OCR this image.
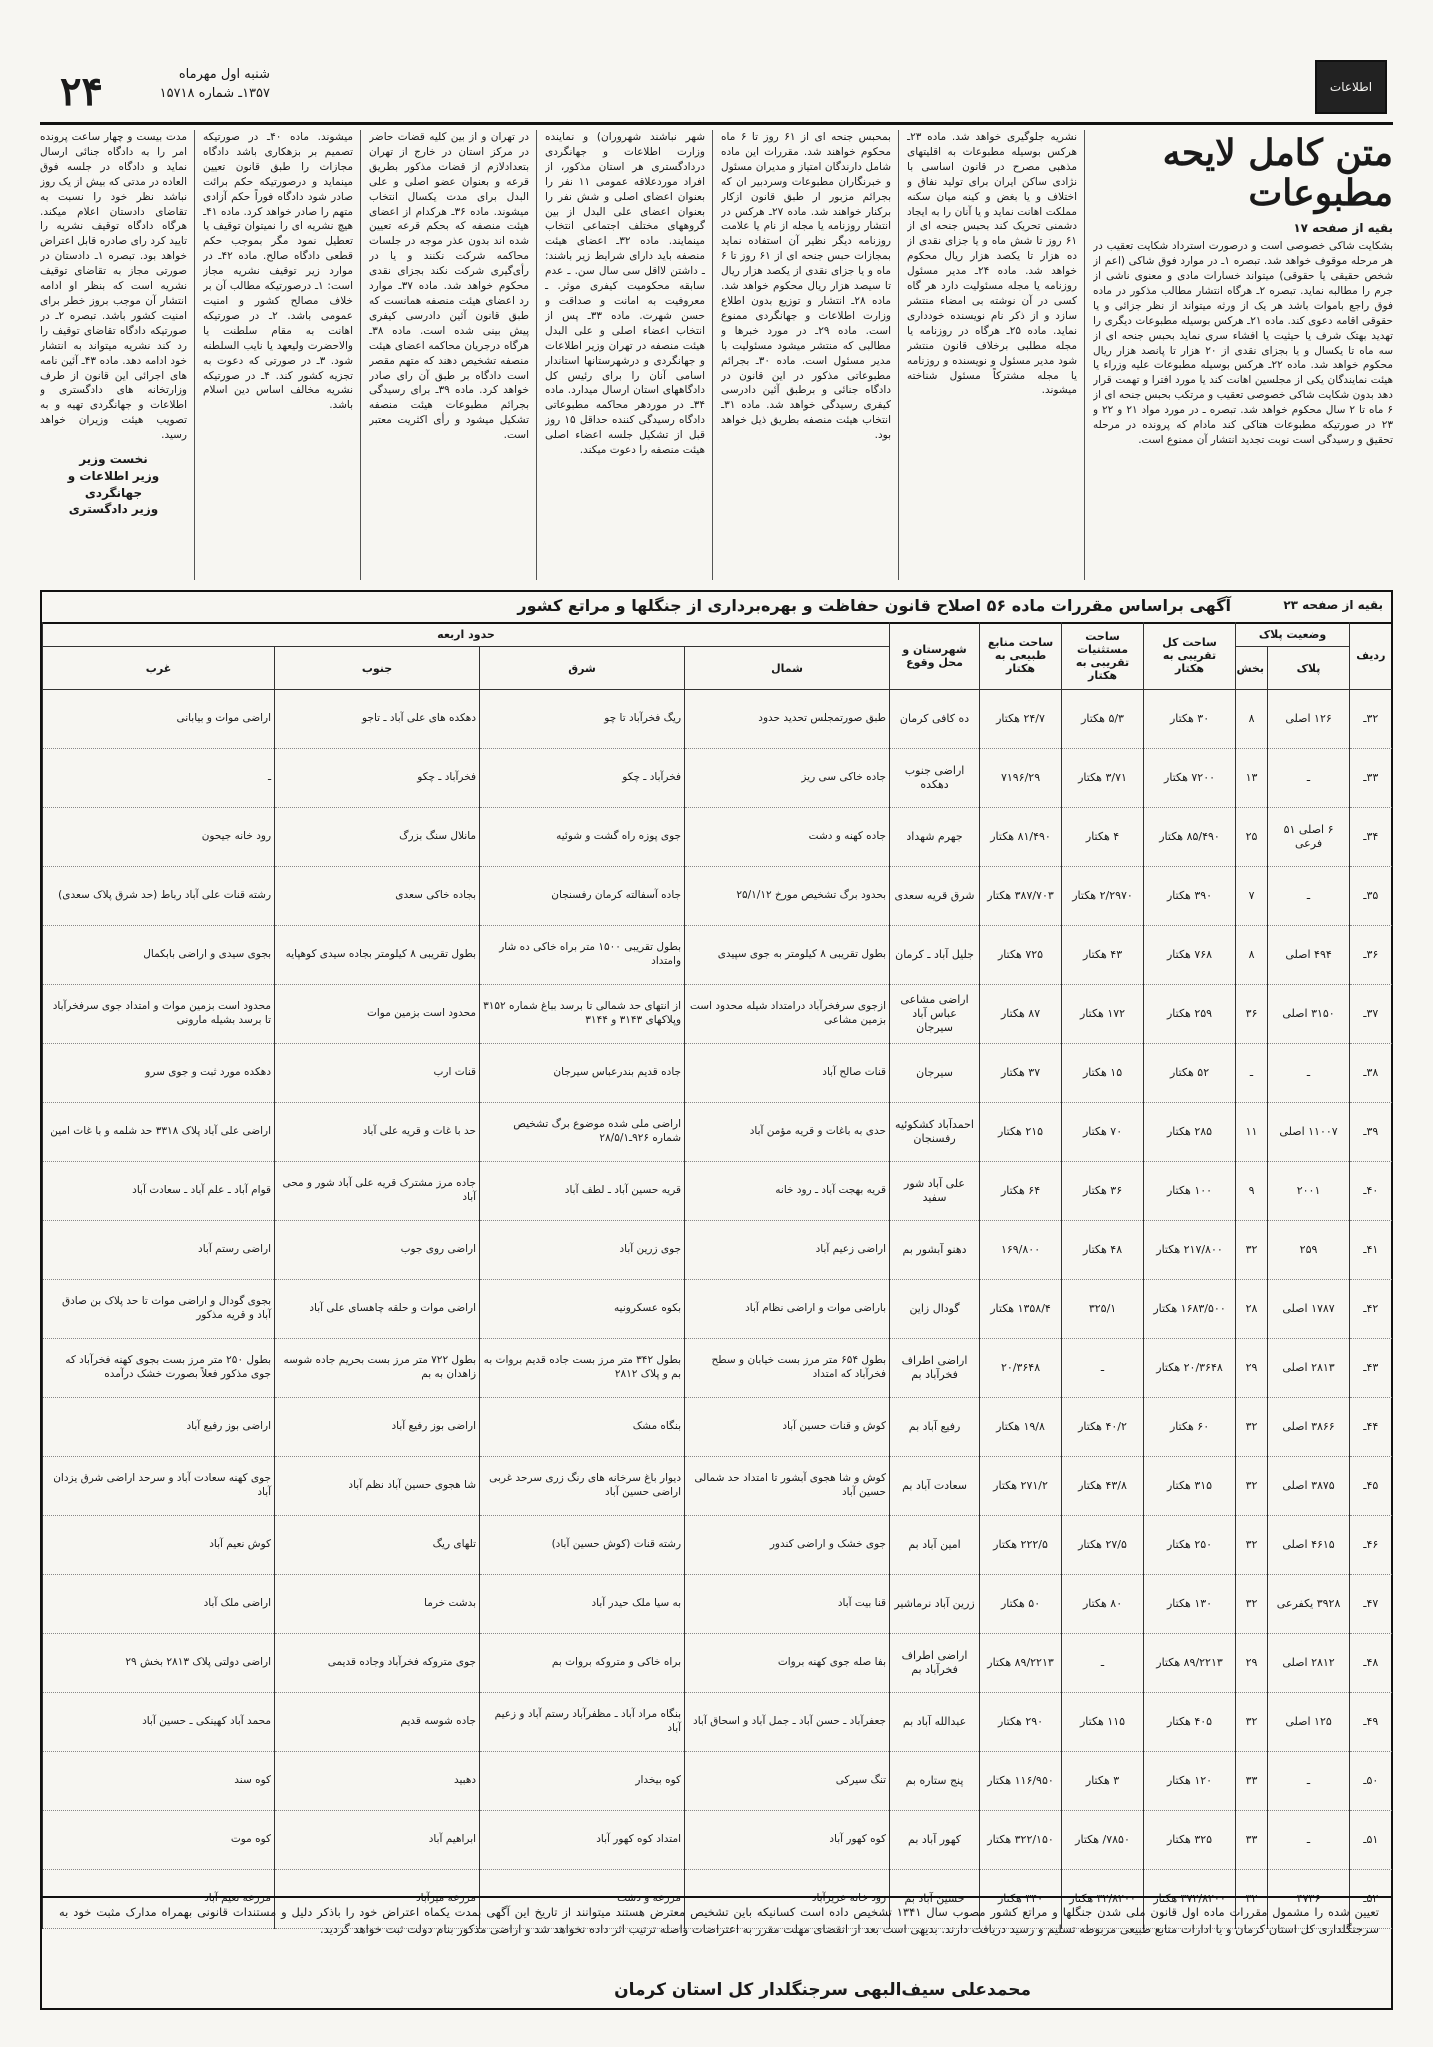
۲۴	شنبه اول مهرماه
۱۳۵۷ـ شماره ۱۵۷۱۸	اطلاعات
متن کامل لایحه مطبوعات
بقیه از صفحه ۱۷

بشکایت شاکی خصوصی است و درصورت استرداد شکایت تعقیب در هر مرحله موقوف خواهد شد. تبصره ۱ـ در موارد فوق شاکی (اعم از شخص حقیقی یا حقوقی) میتواند خسارات مادی و معنوی ناشی از جرم را مطالبه نماید. تبصره ۲ـ هرگاه انتشار مطالب مذکور در ماده فوق راجع باموات باشد هر یک از ورثه میتواند از نظر جزائی و یا حقوقی اقامه دعوی کند. ماده ۲۱ـ هرکس بوسیله مطبوعات دیگری را تهدید بهتک شرف یا حیثیت یا افشاء سری نماید بحبس جنحه ای از سه ماه تا یکسال و یا بجزای نقدی از ۲۰ هزار تا پانصد هزار ریال محکوم خواهد شد. ماده ۲۲ـ هرکس بوسیله مطبوعات علیه وزراء یا هیئت نمایندگان یکی از مجلسین اهانت کند یا مورد افترا و تهمت قرار دهد بدون شکایت شاکی خصوصی تعقیب و مرتکب بحبس جنحه ای از ۶ ماه تا ۲ سال محکوم خواهد شد. تبصره ـ در مورد مواد ۲۱ و ۲۲ و ۲۳ در صورتیکه مطبوعات هتاکی کند مادام که پرونده در مرحله تحقیق و رسیدگی است نوبت تجدید انتشار آن ممنوع است.

نشریه جلوگیری خواهد شد. ماده ۲۳ـ هرکس بوسیله مطبوعات به اقلیتهای مذهبی مصرح در قانون اساسی با نژادی ساکن ایران برای تولید نفاق و اختلاف و یا بغض و کینه میان سکنه مملکت اهانت نماید و یا آنان را به ایجاد دشمنی تحریک کند بحبس جنحه ای از ۶۱ روز تا شش ماه و یا جزای نقدی از ده هزار تا یکصد هزار ریال محکوم خواهد شد. ماده ۲۴ـ مدیر مسئول روزنامه یا مجله مسئولیت دارد هر گاه کسی در آن نوشته بی امضاء منتشر سازد و از ذکر نام نویسنده خودداری نماید. ماده ۲۵ـ هرگاه در روزنامه یا مجله مطلبی برخلاف قانون منتشر شود مدیر مسئول و نویسنده و روزنامه یا مجله مشترکاً مسئول شناخته میشوند.

بمحبس جنحه ای از ۶۱ روز تا ۶ ماه محکوم خواهند شد. مقررات این ماده شامل دارندگان امتیاز و مدیران مسئول و خبرنگاران مطبوعات وسردبیر ان که بجرائم مزبور ار طبق قانون ازکار برکنار خواهند شد. ماده ۲۷ـ هرکس در انتشار روزنامه یا مجله از نام یا علامت روزنامه دیگر نظیر آن استفاده نماید بمجازات حبس جنحه ای از ۶۱ روز تا ۶ ماه و یا جزای نقدی از یکصد هزار ریال تا سیصد هزار ریال محکوم خواهد شد. ماده ۲۸ـ انتشار و توزیع بدون اطلاع وزارت اطلاعات و جهانگردی ممنوع است. ماده ۲۹ـ در مورد خبرها و مطالبی که منتشر میشود مسئولیت با مدیر مسئول است. ماده ۳۰ـ بجرائم مطبوعاتی مذکور در این قانون در دادگاه جنائی و برطبق آئین دادرسی کیفری رسیدگی خواهد شد. ماده ۳۱ـ انتخاب هیئت منصفه بطریق ذیل خواهد بود.

شهر نباشند شهروران) و نماینده وزارت اطلاعات و جهانگردی دردادگستری هر استان مذکور، از افراد موردعلاقه عمومی ۱۱ نفر را بعنوان اعضای اصلی و شش نفر را بعنوان اعضای علی البدل از بین گروههای مختلف اجتماعی انتخاب مینمایند. ماده ۳۲ـ اعضای هیئت منصفه باید دارای شرایط زیر باشند: ـ داشتن لااقل سی سال سن. ـ عدم سابقه محکومیت کیفری موثر. ـ معروفیت به امانت و صداقت و حسن شهرت. ماده ۳۳ـ پس از انتخاب اعضاء اصلی و علی البدل هیئت منصفه در تهران وزیر اطلاعات و جهانگردی و درشهرستانها استاندار اسامی آنان را برای رئیس کل دادگاههای استان ارسال میدارد. ماده ۳۴ـ در موردهر محاکمه مطبوعاتی دادگاه رسیدگی کننده حداقل ۱۵ روز قبل از تشکیل جلسه اعضاء اصلی هیئت منصفه را دعوت میکند.

در تهران و از بین کلیه قضات حاضر در مرکز استان در خارج از تهران بتعدادلازم از قضات مذکور بطریق قرعه و بعنوان عضو اصلی و علی البدل برای مدت یکسال انتخاب میشوند. ماده ۳۶ـ هرکدام از اعضای هیئت منصفه که بحکم قرعه تعیین شده اند بدون عذر موجه در جلسات محاکمه شرکت نکنند و یا در رأی‌گیری شرکت نکند بجزای نقدی محکوم خواهد شد. ماده ۳۷ـ موارد رد اعضای هیئت منصفه همانست که طبق قانون آئین دادرسی کیفری پیش بینی شده است. ماده ۳۸ـ هرگاه درجریان محاکمه اعضای هیئت منصفه تشخیص دهند که متهم مقصر است دادگاه بر طبق آن رای صادر خواهد کرد. ماده ۳۹ـ برای رسیدگی بجرائم مطبوعات هیئت منصفه تشکیل میشود و رأی اکثریت معتبر است.

میشوند. ماده ۴۰ـ در صورتیکه تصمیم بر بزهکاری باشد دادگاه مجازات را طبق قانون تعیین مینماید و درصورتیکه حکم برائت صادر شود دادگاه فوراً حکم آزادی متهم را صادر خواهد کرد. ماده ۴۱ـ هیچ نشریه ای را نمیتوان توقیف یا تعطیل نمود مگر بموجب حکم قطعی دادگاه صالح. ماده ۴۲ـ در موارد زیر توقیف نشریه مجاز است: ۱ـ درصورتیکه مطالب آن بر خلاف مصالح کشور و امنیت عمومی باشد. ۲ـ در صورتیکه اهانت به مقام سلطنت یا والاحضرت ولیعهد یا نایب السلطنه شود. ۳ـ در صورتی که دعوت به تجزیه کشور کند. ۴ـ در صورتیکه نشریه مخالف اساس دین اسلام باشد.

مدت بیست و چهار ساعت پرونده امر را به دادگاه جنائی ارسال نماید و دادگاه در جلسه فوق العاده در مدتی که بیش از یک روز نباشد نظر خود را نسبت به تقاضای دادستان اعلام میکند. هرگاه دادگاه توقیف نشریه را تایید کرد رای صادره قابل اعتراض خواهد بود. تبصره ۱ـ دادستان در صورتی مجاز به تقاضای توقیف نشریه است که بنظر او ادامه انتشار آن موجب بروز خطر برای امنیت کشور باشد. تبصره ۲ـ در صورتیکه دادگاه تقاضای توقیف را رد کند نشریه میتواند به انتشار خود ادامه دهد. ماده ۴۳ـ آئین نامه های اجرائی این قانون از طرف وزارتخانه های دادگستری و اطلاعات و جهانگردی تهیه و به تصویب هیئت وزیران خواهد رسید.

نخست وزیر
وزیر اطلاعات و جهانگردی
وزیر دادگستری
بقیه از صفحه ۲۳
آگهی براساس مقررات ماده ۵۶ اصلاح قانون حفاظت و بهره‌برداری از جنگلها و مراتع کشور
ردیف	وضعیت پلاک		ساحت کل تقریبی به هکتار	ساحت مستثنیات تقریبی به هکتار	ساحت منابع طبیعی به هکتار	شهرستان و محل وقوع	حدود اربعه			
	پلاک	بخش					شمال	شرق	جنوب	غرب
۳۲ـ	۱۲۶ اصلی	۸	۳۰ هکتار	۵/۳ هکتار	۲۴/۷ هکتار	ده کافی کرمان	طبق صورتمجلس تحدید حدود	ریگ فخرآباد تا چو	دهکده های علی آباد ـ تاجو	اراضی موات و بیابانی
۳۳ـ	ـ	۱۳	۷۲۰۰ هکتار	۳/۷۱ هکتار	۷۱۹۶/۲۹	اراضی جنوب دهکده	جاده خاکی سی ریز	فخرآباد ـ چکو	فخرآباد ـ چکو	ـ
۳۴ـ	۶ اصلی ۵۱ فرعی	۲۵	۸۵/۴۹۰ هکتار	۴ هکتار	۸۱/۴۹۰ هکتار	جهرم شهداد	جاده کهنه و دشت	جوی پوزه راه گشت و شوئیه	مانلال سنگ بزرگ	رود خانه جیحون
۳۵ـ	ـ	۷	۳۹۰ هکتار	۲/۲۹۷۰ هکتار	۳۸۷/۷۰۳ هکتار	شرق قریه سعدی	بحدود برگ تشخیص مورخ ۲۵/۱/۱۲	جاده آسفالته کرمان رفسنجان	بجاده خاکی سعدی	رشته قنات علی آباد رباط (حد شرق پلاک سعدی)
۳۶ـ	۴۹۴ اصلی	۸	۷۶۸ هکتار	۴۳ هکتار	۷۲۵ هکتار	جلیل آباد ـ کرمان	بطول تقریبی ۸ کیلومتر به جوی سپیدی	بطول تقریبی ۱۵۰۰ متر براه خاکی ده شار وامتداد	بطول تقریبی ۸ کیلومتر بجاده سیدی کوهپایه	بجوی سیدی و اراضی بابکمال
۳۷ـ	۳۱۵۰ اصلی	۳۶	۲۵۹ هکتار	۱۷۲ هکتار	۸۷ هکتار	اراضی مشاعی عباس آباد سیرجان	ازجوی سرفخرآباد درامتداد شیله محدود است بزمین مشاعی	از انتهای حد شمالی تا برسد بباغ شماره ۳۱۵۲ وپلاکهای ۳۱۴۳ و ۳۱۴۴	محدود است بزمین موات	محدود است بزمین موات و امتداد جوی سرفخرآباد تا برسد بشیله مارونی
۳۸ـ	ـ	ـ	۵۲ هکتار	۱۵ هکتار	۳۷ هکتار	سیرجان	قنات صالح آباد	جاده قدیم بندرعباس سیرجان	قنات ارب	دهکده مورد ثبت و جوی سرو
۳۹ـ	۱۱۰۰۷ اصلی	۱۱	۲۸۵ هکتار	۷۰ هکتار	۲۱۵ هکتار	احمدآباد کشکوئیه رفسنجان	حدی به باغات و قریه مؤمن آباد	اراضی ملی شده موضوع برگ تشخیص شماره ۹۲۶ـ۲۸/۵/۱	حد با غات و قریه علی آباد	اراضی علی آباد پلاک ۳۳۱۸ حد شلمه و با غات امین
۴۰ـ	۲۰۰۱	۹	۱۰۰ هکتار	۳۶ هکتار	۶۴ هکتار	علی آباد شور سفید	قریه بهجت آباد ـ رود خانه	قریه حسین آباد ـ لطف آباد	جاده مرز مشترک قریه علی آباد شور و محی آباد	قوام آباد ـ علم آباد ـ سعادت آباد
۴۱ـ	۲۵۹	۳۲	۲۱۷/۸۰۰ هکتار	۴۸ هکتار	۱۶۹/۸۰۰	دهنو آبشور بم	اراضی زعیم آباد	جوی زرین آباد	اراضی روی جوب	اراضی رستم آباد
۴۲ـ	۱۷۸۷ اصلی	۲۸	۱۶۸۳/۵۰۰ هکتار	۳۲۵/۱	۱۳۵۸/۴ هکتار	گودال زاین	باراضی موات و اراضی نظام آباد	بکوه عسکرونیه	اراضی موات و حلقه چاهسای علی آباد	بجوی گودال و اراضی موات تا حد پلاک بن صادق آباد و قریه مذکور
۴۳ـ	۲۸۱۳ اصلی	۲۹	۲۰/۳۶۴۸ هکتار	ـ	۲۰/۳۶۴۸	اراضی اطراف فخرآباد بم	بطول ۶۵۴ متر مرز بست خیابان و سطح فخرآباد که امتداد	بطول ۳۴۲ متر مرز بست جاده قدیم بروات به بم و پلاک ۲۸۱۲	بطول ۷۲۲ متر مرز بست بحریم جاده شوسه زاهدان به بم	بطول ۲۵۰ متر مرز بست بجوی کهنه فخرآباد که جوی مذکور فعلاً بصورت خشک درآمده
۴۴ـ	۳۸۶۶ اصلی	۳۲	۶۰ هکتار	۴۰/۲ هکتار	۱۹/۸ هکتار	رفیع آباد بم	کوش و قنات حسین آباد	بنگاه مشک	اراضی بوز رفیع آباد	اراضی بوز رفیع آباد
۴۵ـ	۳۸۷۵ اصلی	۳۲	۳۱۵ هکتار	۴۳/۸ هکتار	۲۷۱/۲ هکتار	سعادت آباد بم	کوش و شا هجوی آبشور تا امتداد حد شمالی حسین آباد	دیوار باغ سرخانه های رنگ زری سرحد غربی اراضی حسین آباد	شا هجوی حسین آباد نظم آباد	جوی کهنه سعادت آباد و سرحد اراضی شرق یزدان آباد
۴۶ـ	۴۶۱۵ اصلی	۳۲	۲۵۰ هکتار	۲۷/۵ هکتار	۲۲۲/۵ هکتار	امین آباد بم	جوی خشک و اراضی کندور	رشته قنات (کوش حسین آباد)	تلهای ریگ	کوش نعیم آباد
۴۷ـ	۳۹۲۸ یکفرعی	۳۲	۱۳۰ هکتار	۸۰ هکتار	۵۰ هکتار	زرین آباد نرماشیر	قنا بیت آباد	به سیا ملک حیدر آباد	بدشت خرما	اراضی ملک آباد
۴۸ـ	۲۸۱۲ اصلی	۲۹	۸۹/۲۲۱۳ هکتار	ـ	۸۹/۲۲۱۳ هکتار	اراضی اطراف فخرآباد بم	بفا صله جوی کهنه بروات	براه خاکی و متروکه بروات بم	جوی متروکه فخرآباد وجاده قدیمی	اراضی دولتی پلاک ۲۸۱۳ بخش ۲۹
۴۹ـ	۱۲۵ اصلی	۳۲	۴۰۵ هکتار	۱۱۵ هکتار	۲۹۰ هکتار	عبدالله آباد بم	جعفرآباد ـ حسن آباد ـ جمل آباد و اسحاق آباد	بنگاه مراد آباد ـ مظفرآباد رستم آباد و زعیم آباد	جاده شوسه قدیم	محمد آباد کهینکی ـ حسین آباد
۵۰ـ	ـ	۳۳	۱۲۰ هکتار	۳ هکتار	۱۱۶/۹۵۰ هکتار	پنج ستاره بم	تنگ سیرکی	کوه بیخدار	دهبید	کوه سند
۵۱ـ	ـ	۳۳	۳۲۵ هکتار	۷۸۵۰/ هکتار	۳۲۲/۱۵۰ هکتار	کهور آباد بم	کوه کهور آباد	امتداد کوه کهور آباد	ابراهیم آباد	کوه موت
۵۲ـ	۴۷۳۶	۳۲	۳۷۲/۸۲۰۰ هکتار	۳۲/۸۲۰۰ هکتار	۳۴۰ هکتار	حسین آباد بم	رود خانه عزیزآباد	مزرعه و دشت	مزرعه میرآباد	مزرعه نعیم آباد
تعیین شده را مشمول مقررات ماده اول قانون ملی شدن جنگلها و مراتع کشور مصوب سال ۱۳۴۱ تشخیص داده است کسانیکه باین تشخیص معترض هستند میتوانند از تاریخ این آگهی بمدت یکماه اعتراض خود را باذکر دلیل و مستندات قانونی بهمراه مدارک مثبت خود به سرجنگلداری کل استان کرمان و یا ادارات منابع طبیعی مربوطه تسلیم و رسید دریافت دارند. بدیهی است بعد از انقضای مهلت مقرر به اعتراضات واصله ترتیب اثر داده نخواهد شد و اراضی مذکور بنام دولت ثبت خواهد گردید.
محمدعلی سیف‌البهی سرجنگلدار کل استان کرمان
